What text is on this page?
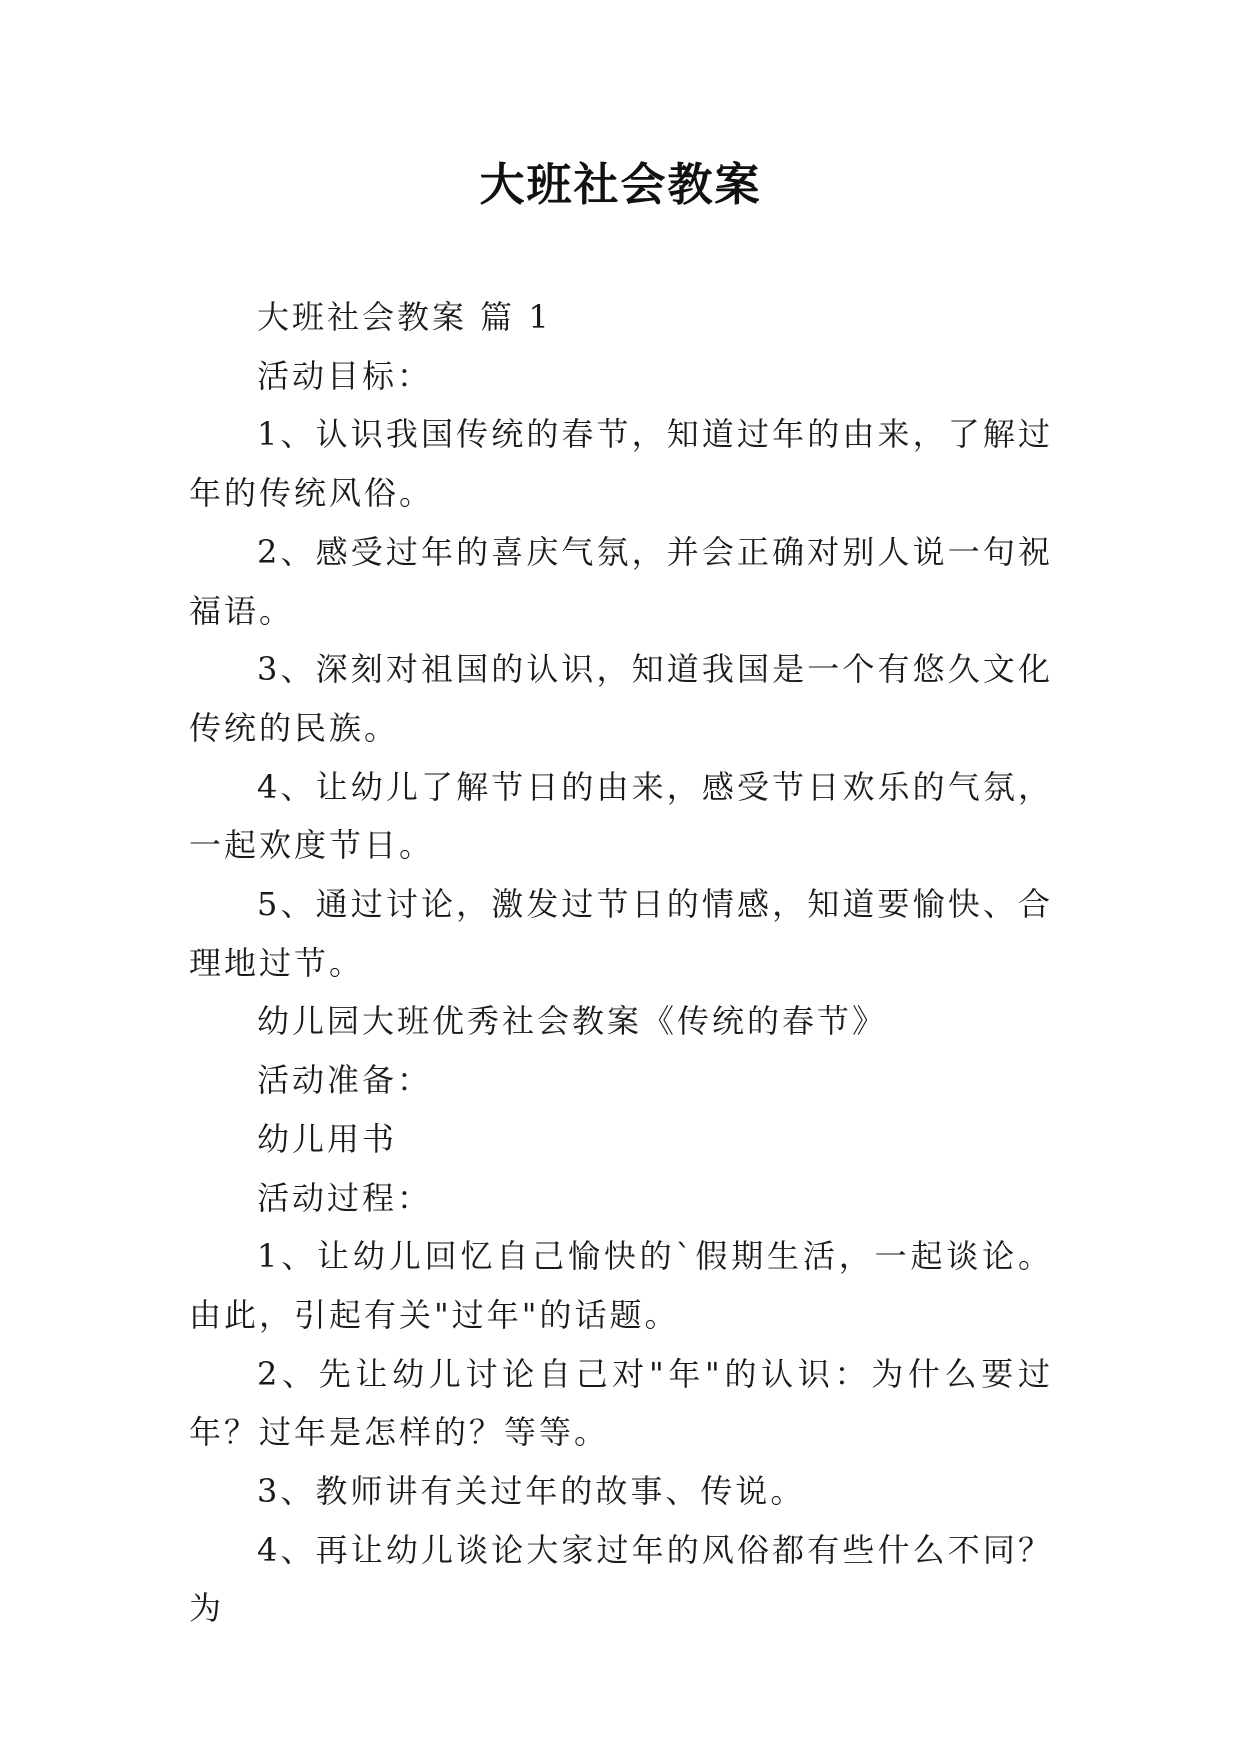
大班社会教案

大班社会教案 篇 1

活动目标：

1、认识我国传统的春节，知道过年的由来，了解过年的传统风俗。

2、感受过年的喜庆气氛，并会正确对别人说一句祝福语。

3、深刻对祖国的认识，知道我国是一个有悠久文化传统的民族。

4、让幼儿了解节日的由来，感受节日欢乐的气氛，一起欢度节日。

5、通过讨论，激发过节日的情感，知道要愉快、合理地过节。

幼儿园大班优秀社会教案《传统的春节》

活动准备：

幼儿用书

活动过程：

1、让幼儿回忆自己愉快的`假期生活，一起谈论。由此，引起有关"过年"的话题。

2、先让幼儿讨论自己对"年"的认识：为什么要过年？过年是怎样的？等等。

3、教师讲有关过年的故事、传说。

4、再让幼儿谈论大家过年的风俗都有些什么不同？为
